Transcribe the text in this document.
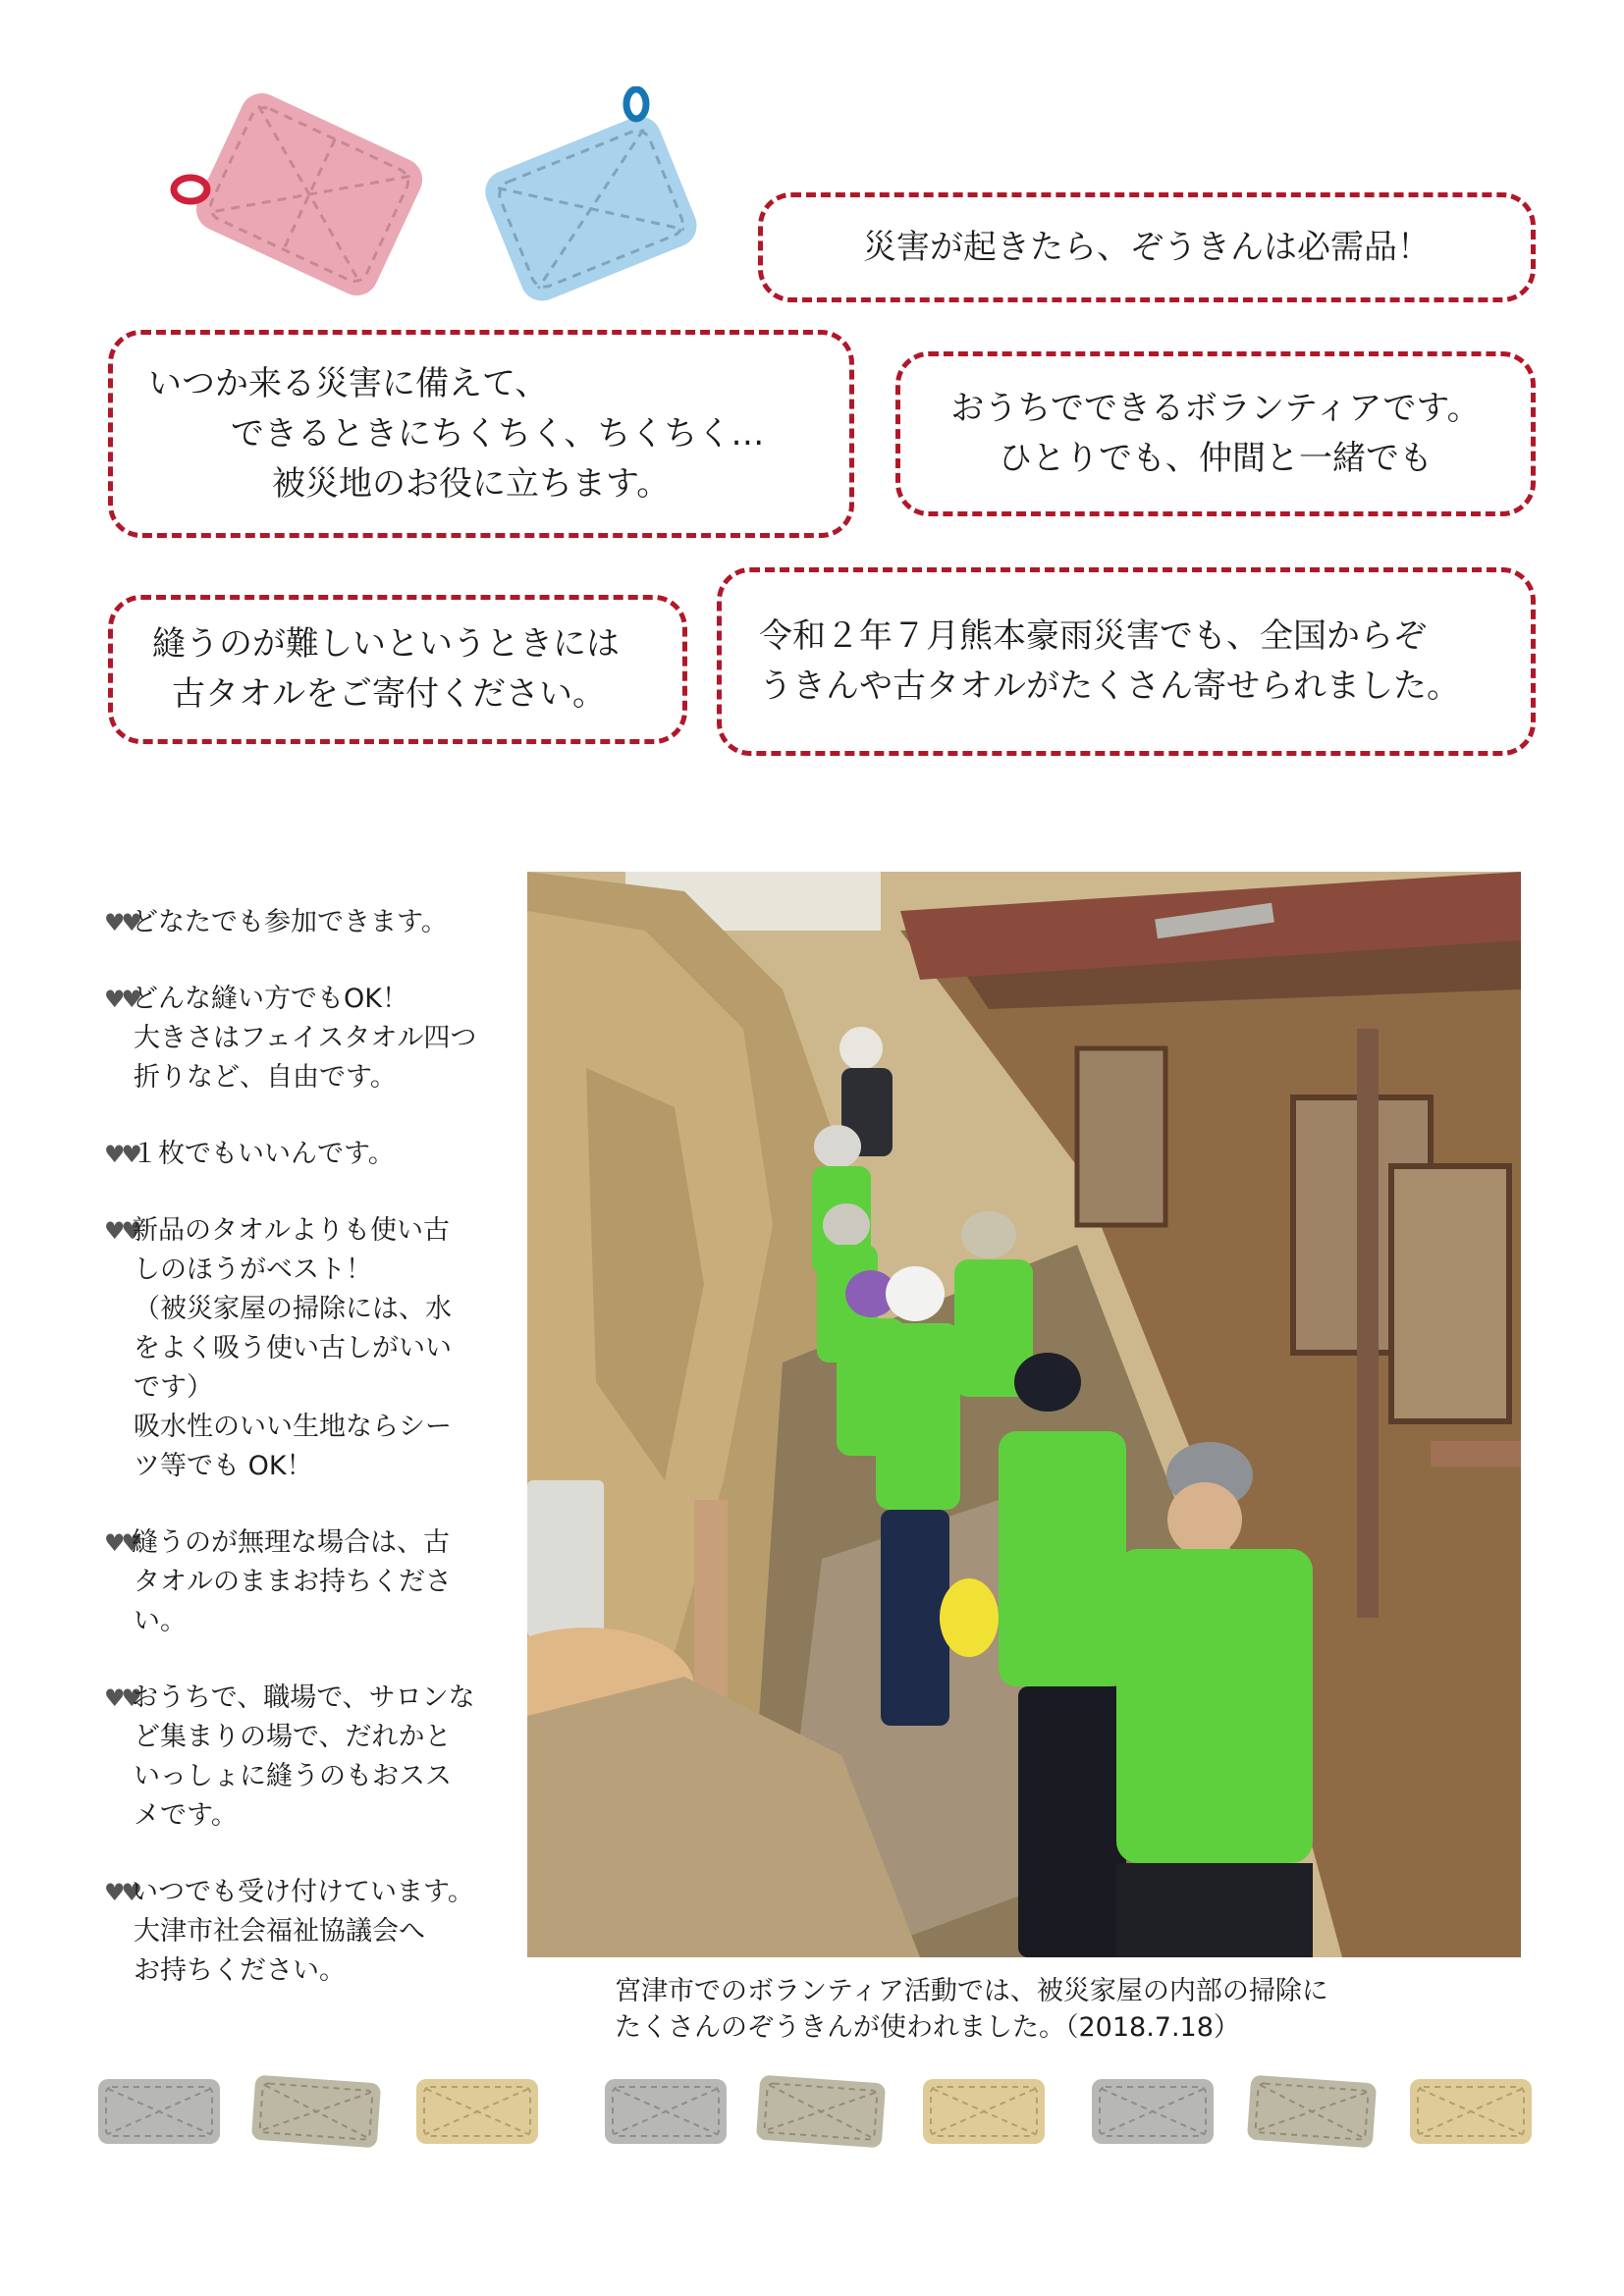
災害が起きたら、ぞうきんは必需品！
いつか来る災害に備えて、
できるときにちくちく、ちくちく…
被災地のお役に立ちます。
おうちでできるボランティアです。
ひとりでも、仲間と一緒でも
縫うのが難しいというときには
古タオルをご寄付ください。
令和２年７月熊本豪雨災害でも、全国からぞ
うきんや古タオルがたくさん寄せられました。
♥♥どなたでも参加できます。
♥♥どんな縫い方でもOK！
大きさはフェイスタオル四つ
折りなど、自由です。
♥♥１枚でもいいんです。
♥♥新品のタオルよりも使い古
しのほうがベスト！
（被災家屋の掃除には、水
をよく吸う使い古しがいい
です）
吸水性のいい生地ならシー
ツ等でも OK！
♥♥縫うのが無理な場合は、古
タオルのままお持ちくださ
い。
♥♥おうちで、職場で、サロンな
ど集まりの場で、だれかと
いっしょに縫うのもおスス
メです。
♥♥いつでも受け付けています。
大津市社会福祉協議会へ
お持ちください。
宮津市でのボランティア活動では、被災家屋の内部の掃除に
たくさんのぞうきんが使われました。（2018.7.18）
